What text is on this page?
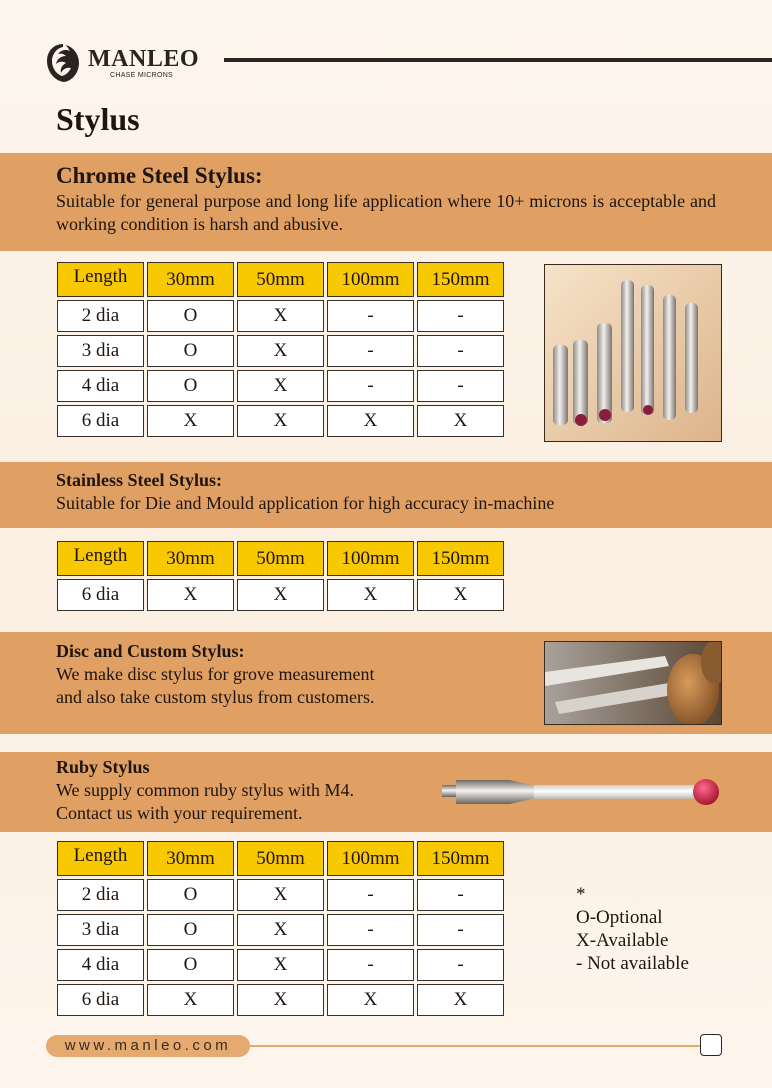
MANLEO
CHASE MICRONS
Stylus
Chrome Steel Stylus:

Suitable for general purpose and long life application where 10+ microns is acceptable and working condition is harsh and abusive.

Length	30mm	50mm	100mm	150mm
2 dia	O	X	-	-
3 dia	O	X	-	-
4 dia	O	X	-	-
6 dia	X	X	X	X
Stainless Steel Stylus:

Suitable for Die and Mould application for high accuracy in-machine

Length	30mm	50mm	100mm	150mm
6 dia	X	X	X	X
Disc and Custom Stylus:

We make disc stylus for grove measurement

and also take custom stylus from customers.

Ruby Stylus

We supply common ruby stylus with M4.

Contact us with your requirement.

Length	30mm	50mm	100mm	150mm
2 dia	O	X	-	-
3 dia	O	X	-	-
4 dia	O	X	-	-
6 dia	X	X	X	X
*
O-Optional
X-Available
- Not available
www.manleo.com
